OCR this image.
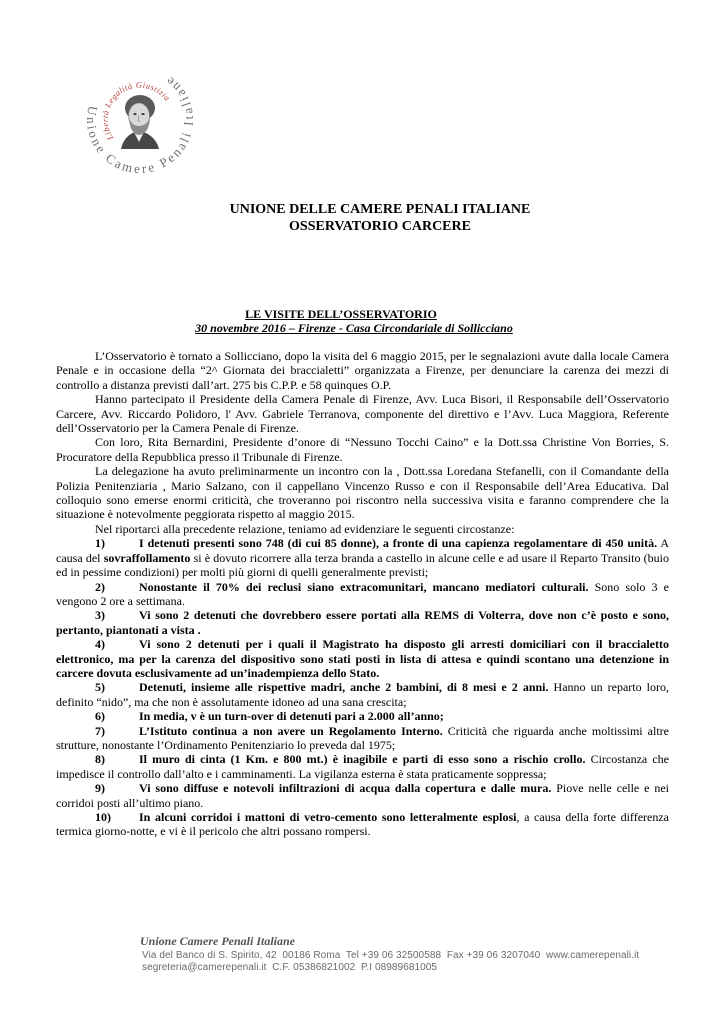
Unione Camere Penali Italiane
Libertà Legalità Giustizia
UNIONE DELLE CAMERE PENALI ITALIANE
OSSERVATORIO CARCERE
LE VISITE DELL’OSSERVATORIO
30 novembre 2016 – Firenze - Casa Circondariale di Sollicciano

L’Osservatorio è tornato a Sollicciano, dopo la visita del 6 maggio 2015, per le segnalazioni avute dalla locale Camera Penale e in occasione della “2^ Giornata dei braccialetti” organizzata a Firenze, per denunciare la carenza dei mezzi di controllo a distanza previsti dall’art. 275 bis C.P.P. e 58 quinques O.P.

Hanno partecipato il Presidente della Camera Penale di Firenze, Avv. Luca Bisori, il Responsabile dell’Osservatorio Carcere, Avv. Riccardo Polidoro, l' Avv. Gabriele Terranova, componente del direttivo e l’Avv. Luca Maggiora, Referente dell’Osservatorio per la Camera Penale di Firenze.

Con loro, Rita Bernardini, Presidente d’onore di “Nessuno Tocchi Caino” e la Dott.ssa Christine Von Borries, S. Procuratore della Repubblica presso il Tribunale di Firenze.

La delegazione ha avuto preliminarmente un incontro con la , Dott.ssa Loredana Stefanelli, con il Comandante della Polizia Penitenziaria , Mario Salzano, con il cappellano Vincenzo Russo e con il Responsabile dell’Area Educativa. Dal colloquio sono emerse enormi criticità, che troveranno poi riscontro nella successiva visita e faranno comprendere che la situazione è notevolmente peggiorata rispetto al maggio 2015.

Nel riportarci alla precedente relazione, teniamo ad evidenziare le seguenti circostanze:

1)	I detenuti presenti sono 748 (di cui 85 donne), a fronte di una capienza regolamentare di 450 unità. A causa del sovraffollamento si è dovuto ricorrere alla terza branda a castello in alcune celle e ad usare il Reparto Transito (buio ed in pessime condizioni) per molti più giorni di quelli generalmente previsti;

2)	Nonostante il 70% dei reclusi siano extracomunitari, mancano mediatori culturali. Sono solo 3 e vengono 2 ore a settimana.

3)	Vi sono 2 detenuti che dovrebbero essere portati alla REMS di Volterra, dove non c’è posto e sono, pertanto, piantonati a vista .

4)	Vi sono 2 detenuti per i quali il Magistrato ha disposto gli arresti domiciliari con il braccialetto elettronico, ma per la carenza del dispositivo sono stati posti in lista di attesa e quindi scontano una detenzione in carcere dovuta esclusivamente ad un’inadempienza dello Stato.

5)	Detenuti, insieme alle rispettive madri, anche 2 bambini, di 8 mesi e 2 anni. Hanno un reparto loro, definito “nido”, ma che non è assolutamente idoneo ad una sana crescita;

6)	In media, v è un turn-over di detenuti pari a 2.000 all’anno;

7)	L’Istituto continua a non avere un Regolamento Interno. Criticità che riguarda anche moltissimi altre strutture, nonostante l’Ordinamento Penitenziario lo preveda dal 1975;

8)	Il muro di cinta (1 Km. e 800 mt.) è inagibile e parti di esso sono a rischio crollo. Circostanza che impedisce il controllo dall’alto e i camminamenti. La vigilanza esterna è stata praticamente soppressa;

9)	Vi sono diffuse e notevoli infiltrazioni di acqua dalla copertura e dalle mura. Piove nelle celle e nei corridoi posti all’ultimo piano.

10) In alcuni corridoi i mattoni di vetro-cemento sono letteralmente esplosi, a causa della forte differenza termica giorno-notte, e vi è il pericolo che altri possano rompersi.

Unione Camere Penali Italiane
Via del Banco di S. Spirito, 42  00186 Roma  Tel +39 06 32500588  Fax +39 06 3207040  www.camerepenali.it
segreteria@camerepenali.it  C.F. 05386821002  P.I 08989681005
